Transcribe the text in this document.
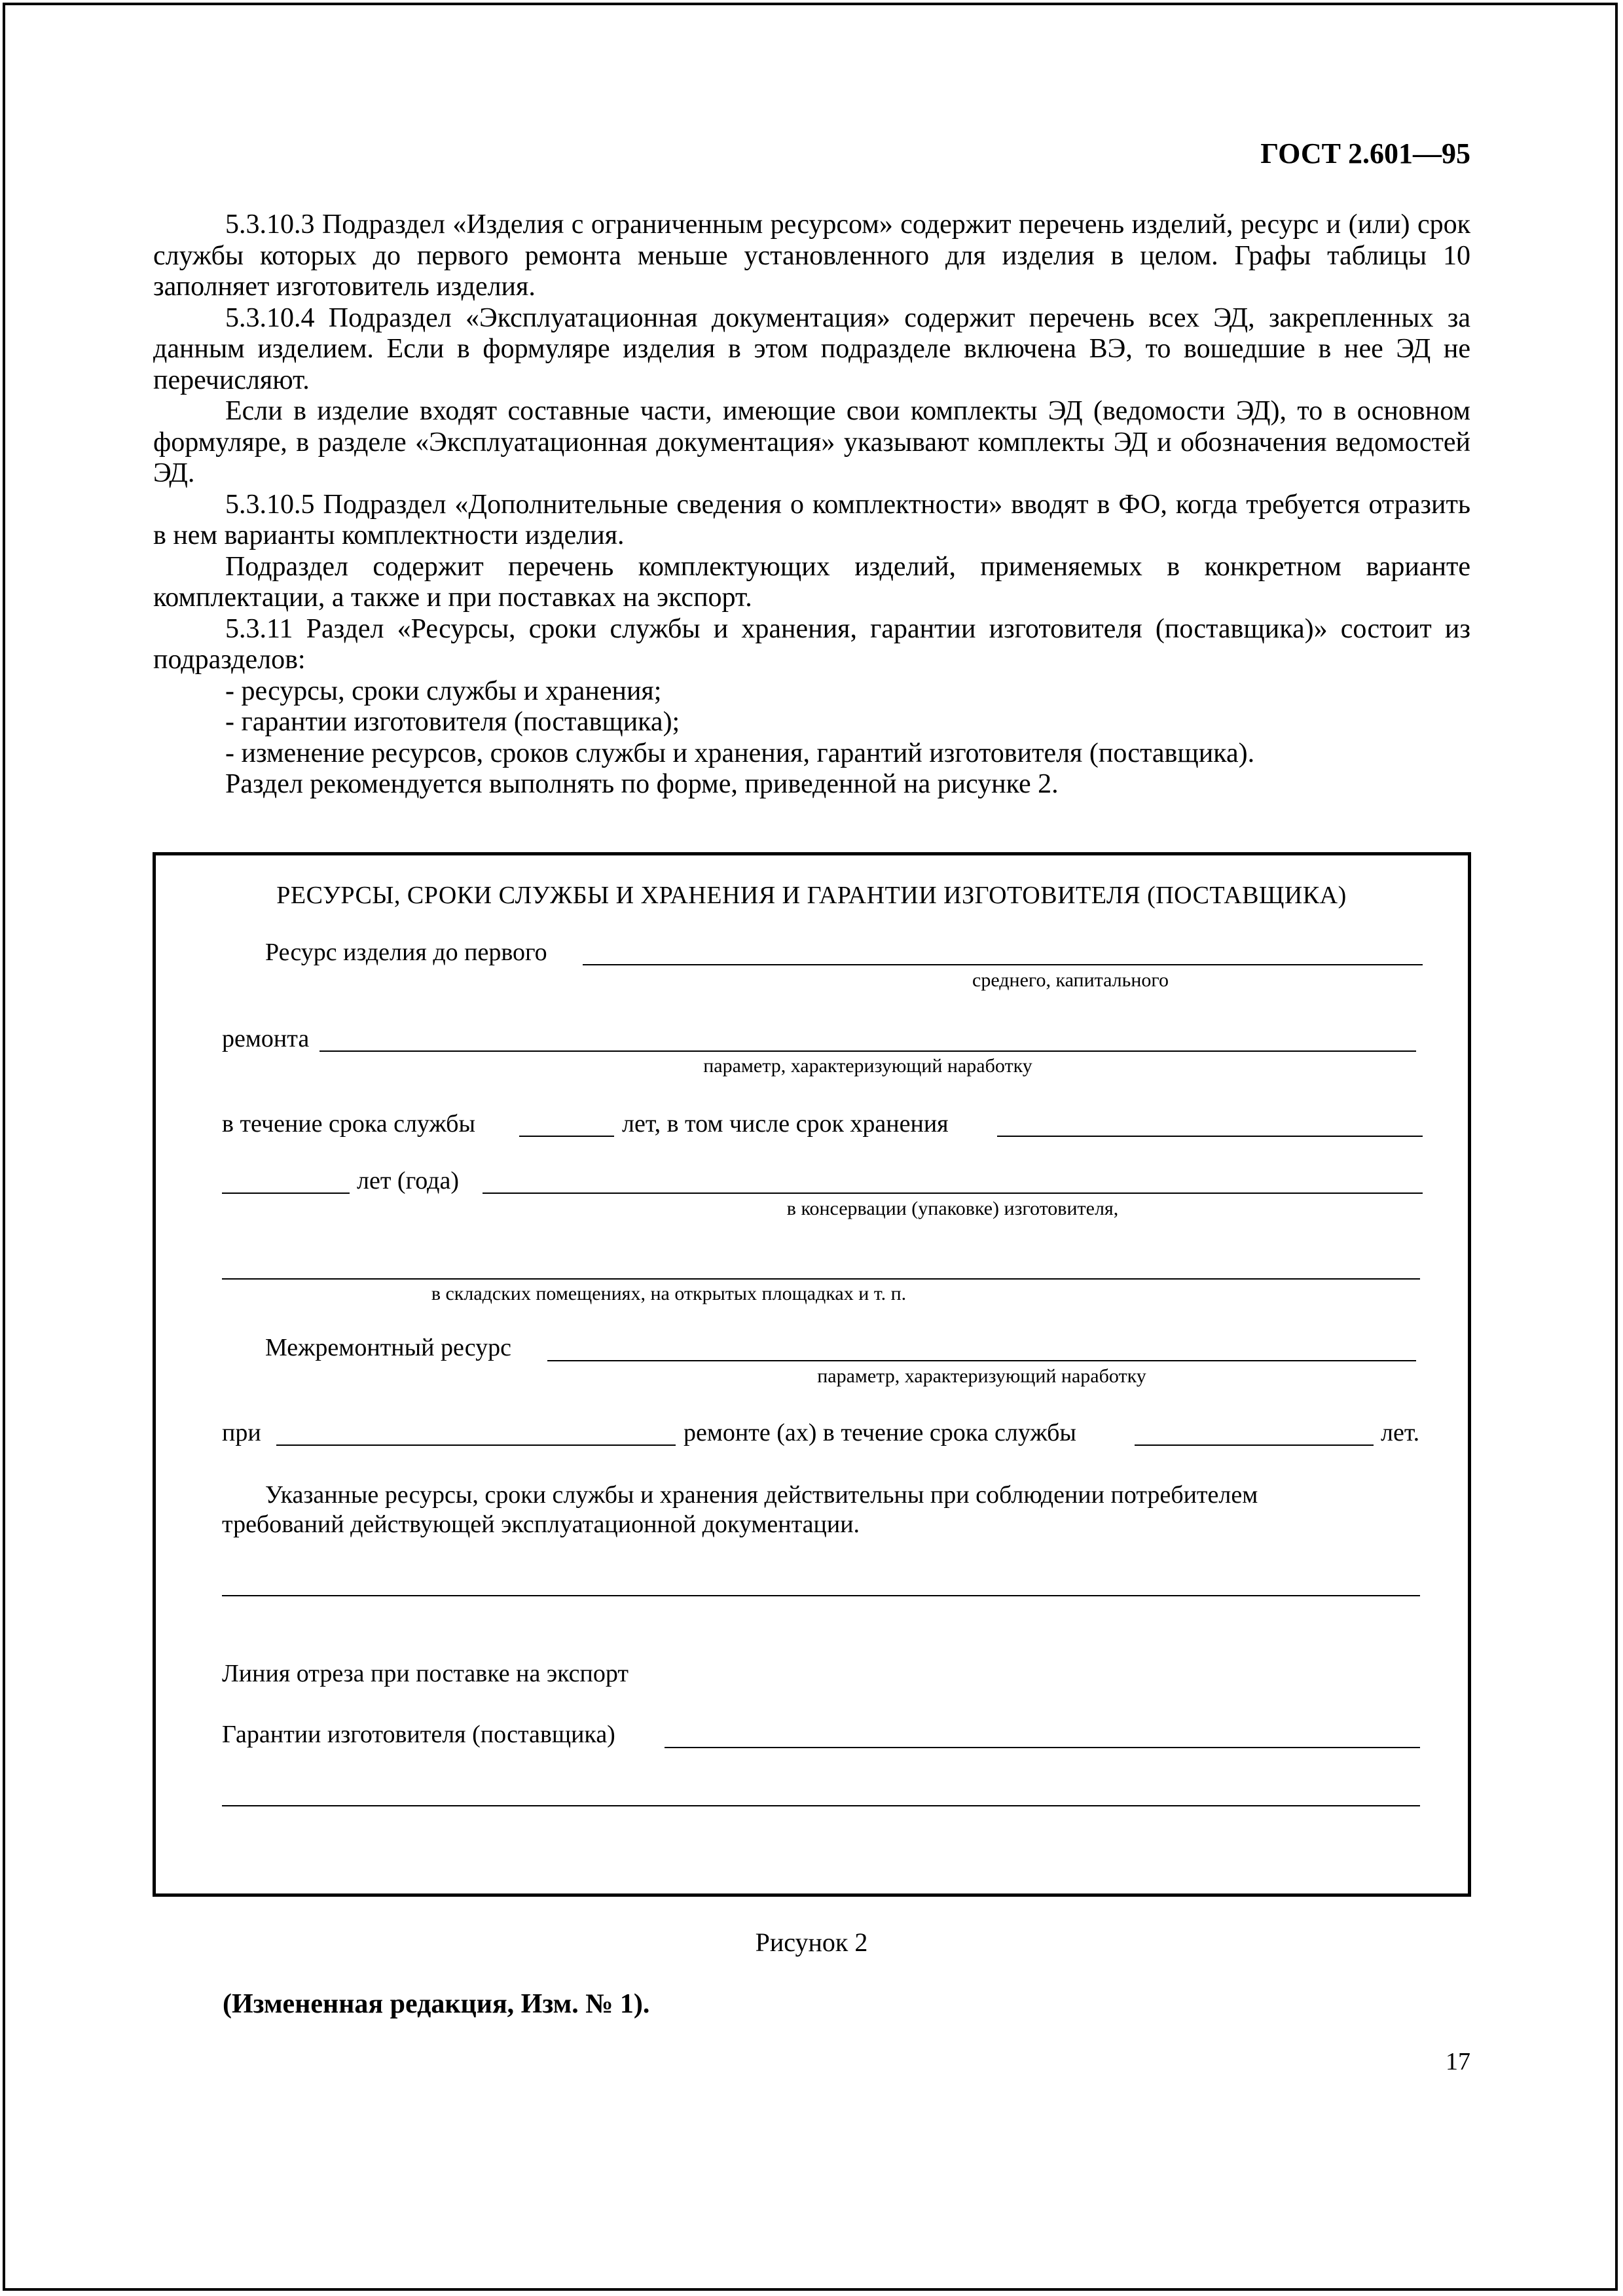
ГОСТ 2.601—95

5.3.10.3 Подраздел «Изделия с ограниченным ресурсом» содержит перечень изделий, ресурс и (или) срок службы которых до первого ремонта меньше установленного для изделия в целом. Графы таблицы 10 заполняет изготовитель изделия.

5.3.10.4 Подраздел «Эксплуатационная документация» содержит перечень всех ЭД, закрепленных за данным изделием. Если в формуляре изделия в этом подразделе включена ВЭ, то вошедшие в нее ЭД не перечисляют.

Если в изделие входят составные части, имеющие свои комплекты ЭД (ведомости ЭД), то в основном формуляре, в разделе «Эксплуатационная документация» указывают комплекты ЭД и обозначения ведомостей ЭД.

5.3.10.5 Подраздел «Дополнительные сведения о комплектности» вводят в ФО, когда требуется отразить в нем варианты комплектности изделия.

Подраздел содержит перечень комплектующих изделий, применяемых в конкретном варианте комплектации, а также и при поставках на экспорт.

5.3.11 Раздел «Ресурсы, сроки службы и хранения, гарантии изготовителя (поставщика)» состоит из подразделов:

- ресурсы, сроки службы и хранения;

- гарантии изготовителя (поставщика);

- изменение ресурсов, сроков службы и хранения, гарантий изготовителя (поставщика).

Раздел рекомендуется выполнять по форме, приведенной на рисунке 2.

РЕСУРСЫ, СРОКИ СЛУЖБЫ И ХРАНЕНИЯ И ГАРАНТИИ ИЗГОТОВИТЕЛЯ (ПОСТАВЩИКА)
Ресурс изделия до первого
среднего, капитального
ремонта
параметр, характеризующий наработку
в течение срока службы	лет, в том числе срок хранения
лет (года)
в консервации (упаковке) изготовителя,
в складских помещениях, на открытых площадках и т. п.
Межремонтный ресурс
параметр, характеризующий наработку
при	ремонте (ах) в течение срока службы	лет.
Указанные ресурсы, сроки службы и хранения действительны при соблюдении потребителем
требований действующей эксплуатационной документации.
Линия отреза при поставке на экспорт
Гарантии изготовителя (поставщика)
Рисунок 2
(Измененная редакция, Изм. № 1).
17
